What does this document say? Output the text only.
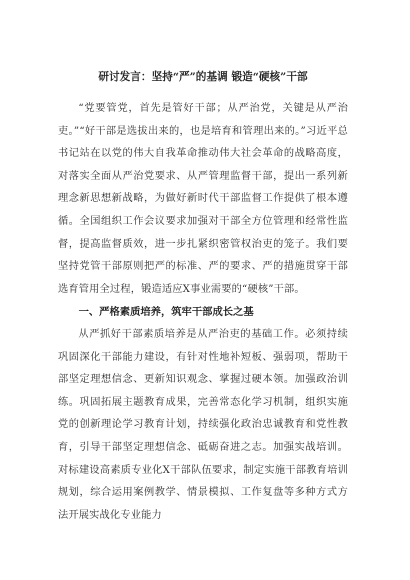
研讨发言：坚持“严”的基调 锻造“硬核”干部

“党要管党，首先是管好干部；从严治党，关键是从严治吏。”“好干部是选拔出来的，也是培育和管理出来的。”习近平总书记站在以党的伟大自我革命推动伟大社会革命的战略高度，对落实全面从严治党要求、从严管理监督干部，提出一系列新理念新思想新战略，为做好新时代干部监督工作提供了根本遵循。全国组织工作会议要求加强对干部全方位管理和经常性监督，提高监督质效，进一步扎紧织密管权治吏的笼子。我们要坚持党管干部原则把严的标准、严的要求、严的措施贯穿干部选育管用全过程，锻造适应X事业需要的“硬核”干部。

一、严格素质培养，筑牢干部成长之基

从严抓好干部素质培养是从严治吏的基础工作。必须持续巩固深化干部能力建设，有针对性地补短板、强弱项，帮助干部坚定理想信念、更新知识观念、掌握过硬本领。加强政治训练。巩固拓展主题教育成果，完善常态化学习机制，组织实施党的创新理论学习教育计划，持续强化政治忠诚教育和党性教育，引导干部坚定理想信念、砥砺奋进之志。加强实战培训。对标建设高素质专业化X干部队伍要求，制定实施干部教育培训规划，综合运用案例教学、情景模拟、工作复盘等多种方式方法开展实战化专业能力
